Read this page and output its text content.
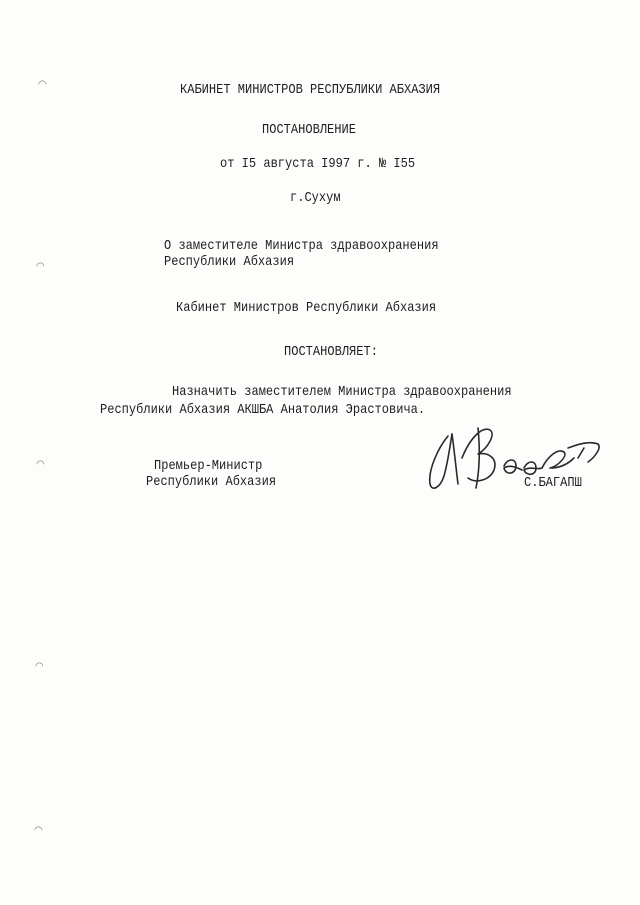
◠
◠
◠
◠
◠
КАБИНЕТ МИНИСТРОВ РЕСПУБЛИКИ АБХАЗИЯ
ПОСТАНОВЛЕНИЕ
от I5 августа I997 г. № I55
г.Сухум
О заместителе Министра здравоохранения
Республики Абхазия
Кабинет Министров Республики Абхазия
ПОСТАНОВЛЯЕТ:
Назначить заместителем Министра здравоохранения
Республики Абхазия АКШБА Анатолия Эрастовича.
Премьер-Министр
Республики Абхазия	С.БАГАПШ
